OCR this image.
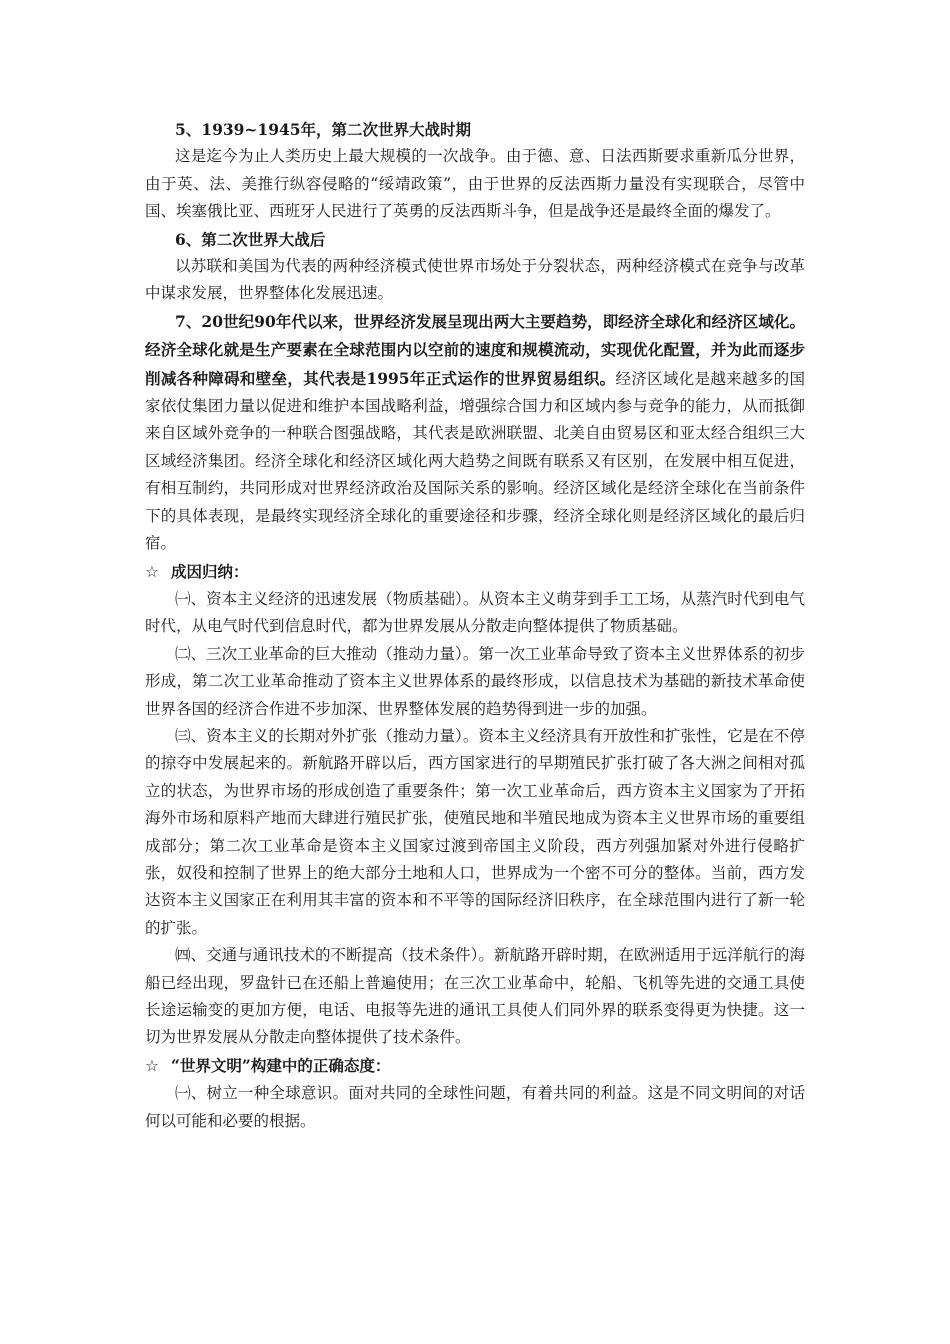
5、1939~1945年，第二次世界大战时期

这是迄今为止人类历史上最大规模的一次战争。由于德、意、日法西斯要求重新瓜分世界，由于英、法、美推行纵容侵略的“绥靖政策”，由于世界的反法西斯力量没有实现联合，尽管中国、埃塞俄比亚、西班牙人民进行了英勇的反法西斯斗争，但是战争还是最终全面的爆发了。

6、第二次世界大战后

以苏联和美国为代表的两种经济模式使世界市场处于分裂状态，两种经济模式在竞争与改革中谋求发展，世界整体化发展迅速。

7、20世纪90年代以来，世界经济发展呈现出两大主要趋势，即经济全球化和经济区域化。经济全球化就是生产要素在全球范围内以空前的速度和规模流动，实现优化配置，并为此而逐步削减各种障碍和壁垒，其代表是1995年正式运作的世界贸易组织。经济区域化是越来越多的国家依仗集团力量以促进和维护本国战略利益，增强综合国力和区域内参与竞争的能力，从而抵御来自区域外竞争的一种联合图强战略，其代表是欧洲联盟、北美自由贸易区和亚太经合组织三大区域经济集团。经济全球化和经济区域化两大趋势之间既有联系又有区别，在发展中相互促进，有相互制约，共同形成对世界经济政治及国际关系的影响。经济区域化是经济全球化在当前条件下的具体表现，是最终实现经济全球化的重要途径和步骤，经济全球化则是经济区域化的最后归宿。

☆ 成因归纳：

㈠、资本主义经济的迅速发展（物质基础）。从资本主义萌芽到手工工场，从蒸汽时代到电气时代，从电气时代到信息时代，都为世界发展从分散走向整体提供了物质基础。

㈡、三次工业革命的巨大推动（推动力量）。第一次工业革命导致了资本主义世界体系的初步形成，第二次工业革命推动了资本主义世界体系的最终形成，以信息技术为基础的新技术革命使世界各国的经济合作进不步加深、世界整体发展的趋势得到进一步的加强。

㈢、资本主义的长期对外扩张（推动力量）。资本主义经济具有开放性和扩张性，它是在不停的掠夺中发展起来的。新航路开辟以后，西方国家进行的早期殖民扩张打破了各大洲之间相对孤立的状态，为世界市场的形成创造了重要条件；第一次工业革命后，西方资本主义国家为了开拓海外市场和原料产地而大肆进行殖民扩张，使殖民地和半殖民地成为资本主义世界市场的重要组成部分；第二次工业革命是资本主义国家过渡到帝国主义阶段，西方列强加紧对外进行侵略扩张，奴役和控制了世界上的绝大部分土地和人口，世界成为一个密不可分的整体。当前，西方发达资本主义国家正在利用其丰富的资本和不平等的国际经济旧秩序，在全球范围内进行了新一轮的扩张。

㈣、交通与通讯技术的不断提高（技术条件）。新航路开辟时期，在欧洲适用于远洋航行的海船已经出现，罗盘针已在还船上普遍使用；在三次工业革命中，轮船、飞机等先进的交通工具使长途运输变的更加方便，电话、电报等先进的通讯工具使人们同外界的联系变得更为快捷。这一切为世界发展从分散走向整体提供了技术条件。

☆ “世界文明”构建中的正确态度：

㈠、树立一种全球意识。面对共同的全球性问题，有着共同的利益。这是不同文明间的对话何以可能和必要的根据。
